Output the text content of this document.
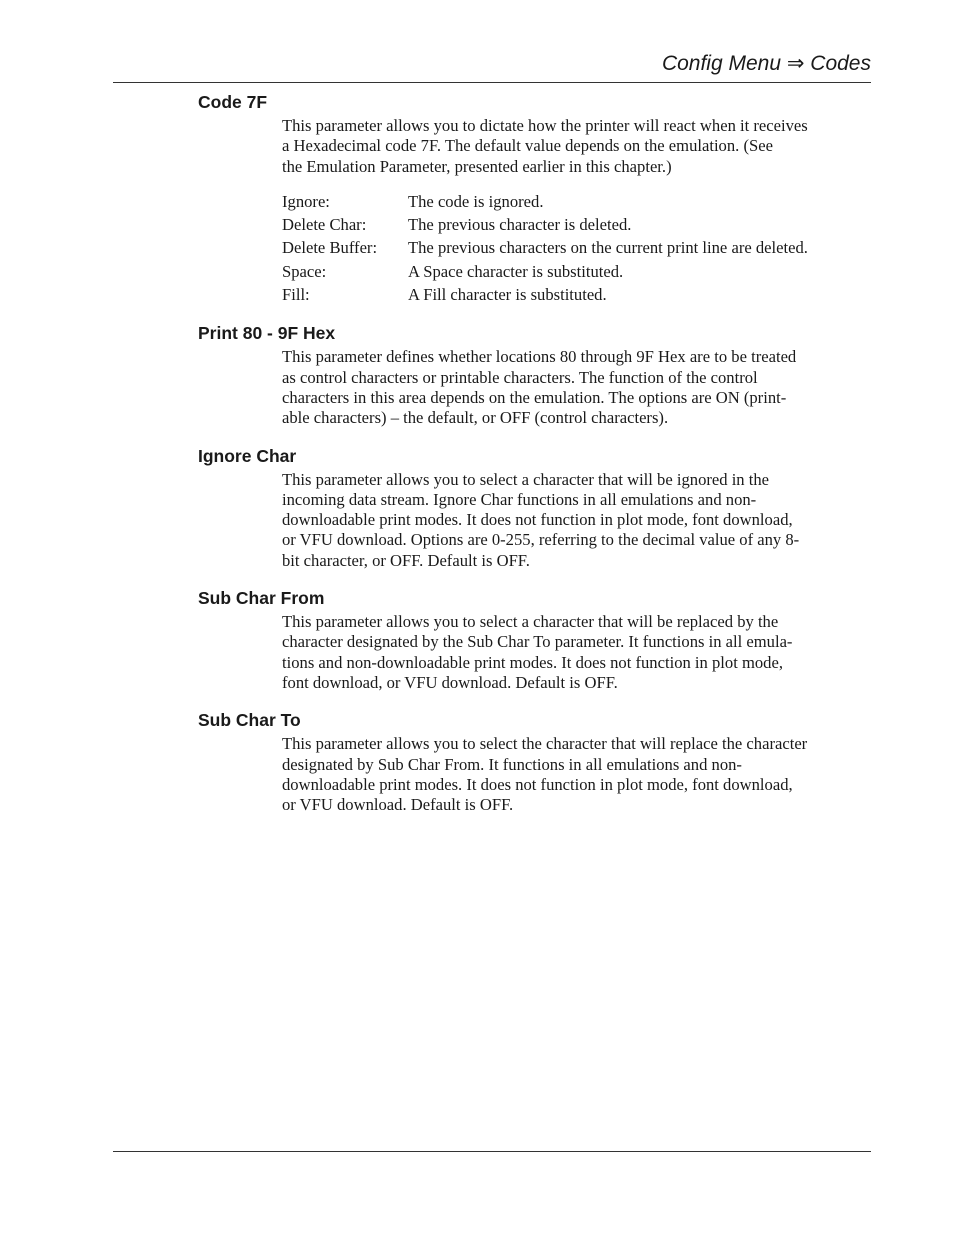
Config Menu ⇒ Codes
Code 7F

This parameter allows you to dictate how the printer will react when it receives

a Hexadecimal code 7F. The default value depends on the emulation. (See

the Emulation Parameter, presented earlier in this chapter.)

Ignore:	The code is ignored.
Delete Char:	The previous character is deleted.
Delete Buffer:	The previous characters on the current print line are deleted.
Space:	A Space character is substituted.
Fill:	A Fill character is substituted.
Print 80 - 9F Hex

This parameter defines whether locations 80 through 9F Hex are to be treated

as control characters or printable characters. The function of the control

characters in this area depends on the emulation. The options are ON (print-

able characters) – the default, or OFF (control characters).

Ignore Char

This parameter allows you to select a character that will be ignored in the

incoming data stream. Ignore Char functions in all emulations and non-

downloadable print modes. It does not function in plot mode, font download,

or VFU download. Options are 0-255, referring to the decimal value of any 8-

bit character, or OFF. Default is OFF.

Sub Char From

This parameter allows you to select a character that will be replaced by the

character designated by the Sub Char To parameter. It functions in all emula-

tions and non-downloadable print modes. It does not function in plot mode,

font download, or VFU download. Default is OFF.

Sub Char To

This parameter allows you to select the character that will replace the character

designated by Sub Char From. It functions in all emulations and non-

downloadable print modes. It does not function in plot mode, font download,

or VFU download. Default is OFF.
